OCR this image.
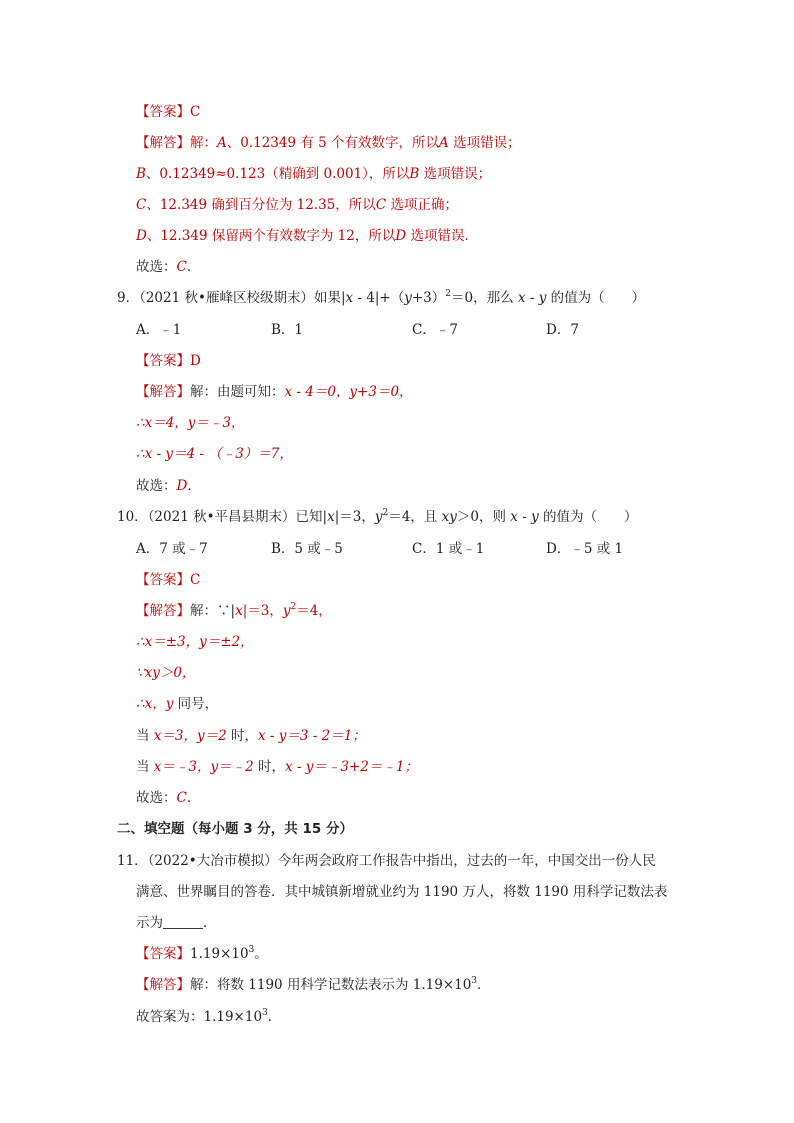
【答案】C
【解答】解：A、0.12349 有 5 个有效数字，所以A 选项错误；
B、0.12349≈0.123（精确到 0.001），所以B 选项错误；
C、12.349 确到百分位为 12.35，所以C 选项正确；
D、12.349 保留两个有效数字为 12，所以D 选项错误．
故选：C．
9．（2021 秋•雁峰区校级期末）如果$|x - 4|+(y+3)^2=0$，那么 x - y 的值为（　　）
A．﹣1	B．1	C．﹣7	D．7
【答案】D
【解答】解：由题可知：x - 4＝0，y+3＝0，
∴x＝4，y＝﹣3，
∴x - y＝4 - （﹣3）＝7，
故选：D．
10．（2021 秋•平昌县期末）已知|x|＝3，$y^2=4$，且 xy＞0，则 x - y 的值为（　　）
A．7 或﹣7	B．5 或﹣5	C．1 或﹣1	D．﹣5 或 1
【答案】C
【解答】解：∵|x|＝3，$y^2=4$，
∴x＝±3，y＝±2，
∵xy＞0，
∴x，y 同号，
当 x＝3，y＝2 时，x - y＝3 - 2＝1；
当 x＝﹣3，y＝﹣2 时，x - y＝﹣3+2＝﹣1；
故选：C．
二、填空题（每小题 3 分，共 15 分）
11．（2022•大冶市模拟）今年两会政府工作报告中指出，过去的一年，中国交出一份人民
满意、世界瞩目的答卷．其中城镇新增就业约为 1190 万人，将数 1190 用科学记数法表
示为	．
【答案】$1.19\times 10^3$。
【解答】解：将数 1190 用科学记数法表示为 $1.19\times 10^3$．
故答案为：$1.19\times 10^3$．
